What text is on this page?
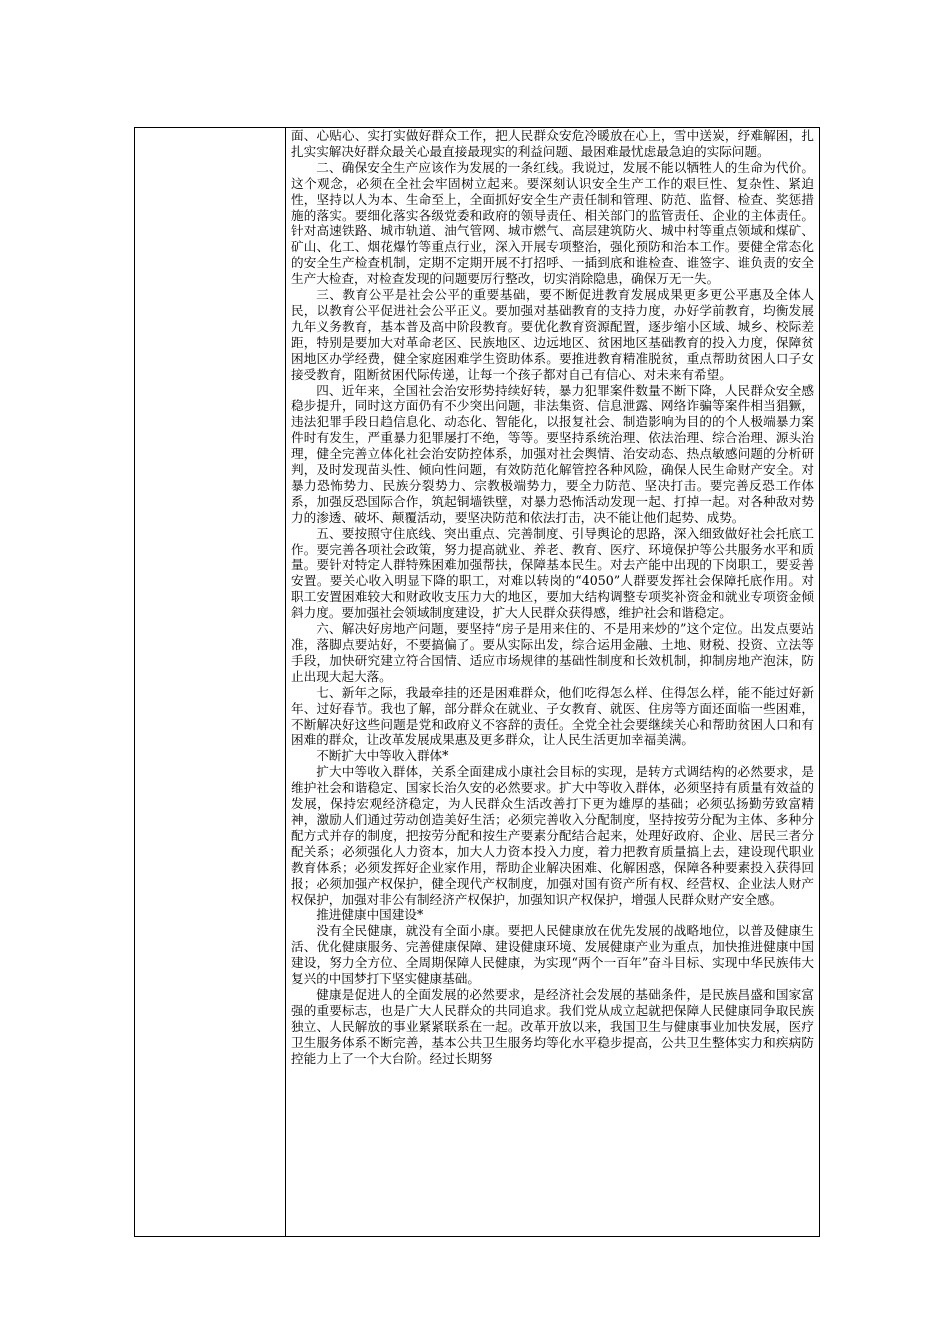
面、心贴心、实打实做好群众工作，把人民群众安危冷暖放在心上，雪中送炭，纾难解困，扎扎实实解决好群众最关心最直接最现实的利益问题、最困难最忧虑最急迫的实际问题。

二、确保安全生产应该作为发展的一条红线。我说过，发展不能以牺牲人的生命为代价。这个观念，必须在全社会牢固树立起来。要深刻认识安全生产工作的艰巨性、复杂性、紧迫性，坚持以人为本、生命至上，全面抓好安全生产责任制和管理、防范、监督、检查、奖惩措施的落实。要细化落实各级党委和政府的领导责任、相关部门的监管责任、企业的主体责任。针对高速铁路、城市轨道、油气管网、城市燃气、高层建筑防火、城中村等重点领域和煤矿、矿山、化工、烟花爆竹等重点行业，深入开展专项整治，强化预防和治本工作。要健全常态化的安全生产检查机制，定期不定期开展不打招呼、一插到底和谁检查、谁签字、谁负责的安全生产大检查，对检查发现的问题要厉行整改，切实消除隐患，确保万无一失。

三、教育公平是社会公平的重要基础，要不断促进教育发展成果更多更公平惠及全体人民，以教育公平促进社会公平正义。要加强对基础教育的支持力度，办好学前教育，均衡发展九年义务教育，基本普及高中阶段教育。要优化教育资源配置，逐步缩小区域、城乡、校际差距，特别是要加大对革命老区、民族地区、边远地区、贫困地区基础教育的投入力度，保障贫困地区办学经费，健全家庭困难学生资助体系。要推进教育精准脱贫，重点帮助贫困人口子女接受教育，阻断贫困代际传递，让每一个孩子都对自己有信心、对未来有希望。

四、近年来，全国社会治安形势持续好转，暴力犯罪案件数量不断下降，人民群众安全感稳步提升，同时这方面仍有不少突出问题，非法集资、信息泄露、网络诈骗等案件相当猖獗，违法犯罪手段日趋信息化、动态化、智能化，以报复社会、制造影响为目的的个人极端暴力案件时有发生，严重暴力犯罪屡打不绝，等等。要坚持系统治理、依法治理、综合治理、源头治理，健全完善立体化社会治安防控体系，加强对社会舆情、治安动态、热点敏感问题的分析研判，及时发现苗头性、倾向性问题，有效防范化解管控各种风险，确保人民生命财产安全。对暴力恐怖势力、民族分裂势力、宗教极端势力，要全力防范、坚决打击。要完善反恐工作体系，加强反恐国际合作，筑起铜墙铁壁，对暴力恐怖活动发现一起、打掉一起。对各种敌对势力的渗透、破坏、颠覆活动，要坚决防范和依法打击，决不能让他们起势、成势。

五、要按照守住底线、突出重点、完善制度、引导舆论的思路，深入细致做好社会托底工作。要完善各项社会政策，努力提高就业、养老、教育、医疗、环境保护等公共服务水平和质量。要针对特定人群特殊困难加强帮扶，保障基本民生。对去产能中出现的下岗职工，要妥善安置。要关心收入明显下降的职工，对难以转岗的“4050”人群要发挥社会保障托底作用。对职工安置困难较大和财政收支压力大的地区，要加大结构调整专项奖补资金和就业专项资金倾斜力度。要加强社会领域制度建设，扩大人民群众获得感，维护社会和谐稳定。

六、解决好房地产问题，要坚持“房子是用来住的、不是用来炒的”这个定位。出发点要站准，落脚点要站好，不要搞偏了。要从实际出发，综合运用金融、土地、财税、投资、立法等手段，加快研究建立符合国情、适应市场规律的基础性制度和长效机制，抑制房地产泡沫，防止出现大起大落。

七、新年之际，我最牵挂的还是困难群众，他们吃得怎么样、住得怎么样，能不能过好新年、过好春节。我也了解，部分群众在就业、子女教育、就医、住房等方面还面临一些困难，不断解决好这些问题是党和政府义不容辞的责任。全党全社会要继续关心和帮助贫困人口和有困难的群众，让改革发展成果惠及更多群众，让人民生活更加幸福美满。

不断扩大中等收入群体*

扩大中等收入群体，关系全面建成小康社会目标的实现，是转方式调结构的必然要求，是维护社会和谐稳定、国家长治久安的必然要求。扩大中等收入群体，必须坚持有质量有效益的发展，保持宏观经济稳定，为人民群众生活改善打下更为雄厚的基础；必须弘扬勤劳致富精神，激励人们通过劳动创造美好生活；必须完善收入分配制度，坚持按劳分配为主体、多种分配方式并存的制度，把按劳分配和按生产要素分配结合起来，处理好政府、企业、居民三者分配关系；必须强化人力资本，加大人力资本投入力度，着力把教育质量搞上去，建设现代职业教育体系；必须发挥好企业家作用，帮助企业解决困难、化解困惑，保障各种要素投入获得回报；必须加强产权保护，健全现代产权制度，加强对国有资产所有权、经营权、企业法人财产权保护，加强对非公有制经济产权保护，加强知识产权保护，增强人民群众财产安全感。

推进健康中国建设*

没有全民健康，就没有全面小康。要把人民健康放在优先发展的战略地位，以普及健康生活、优化健康服务、完善健康保障、建设健康环境、发展健康产业为重点，加快推进健康中国建设，努力全方位、全周期保障人民健康，为实现“两个一百年”奋斗目标、实现中华民族伟大复兴的中国梦打下坚实健康基础。

健康是促进人的全面发展的必然要求，是经济社会发展的基础条件，是民族昌盛和国家富强的重要标志，也是广大人民群众的共同追求。我们党从成立起就把保障人民健康同争取民族独立、人民解放的事业紧紧联系在一起。改革开放以来，我国卫生与健康事业加快发展，医疗卫生服务体系不断完善，基本公共卫生服务均等化水平稳步提高，公共卫生整体实力和疾病防控能力上了一个大台阶。经过长期努
